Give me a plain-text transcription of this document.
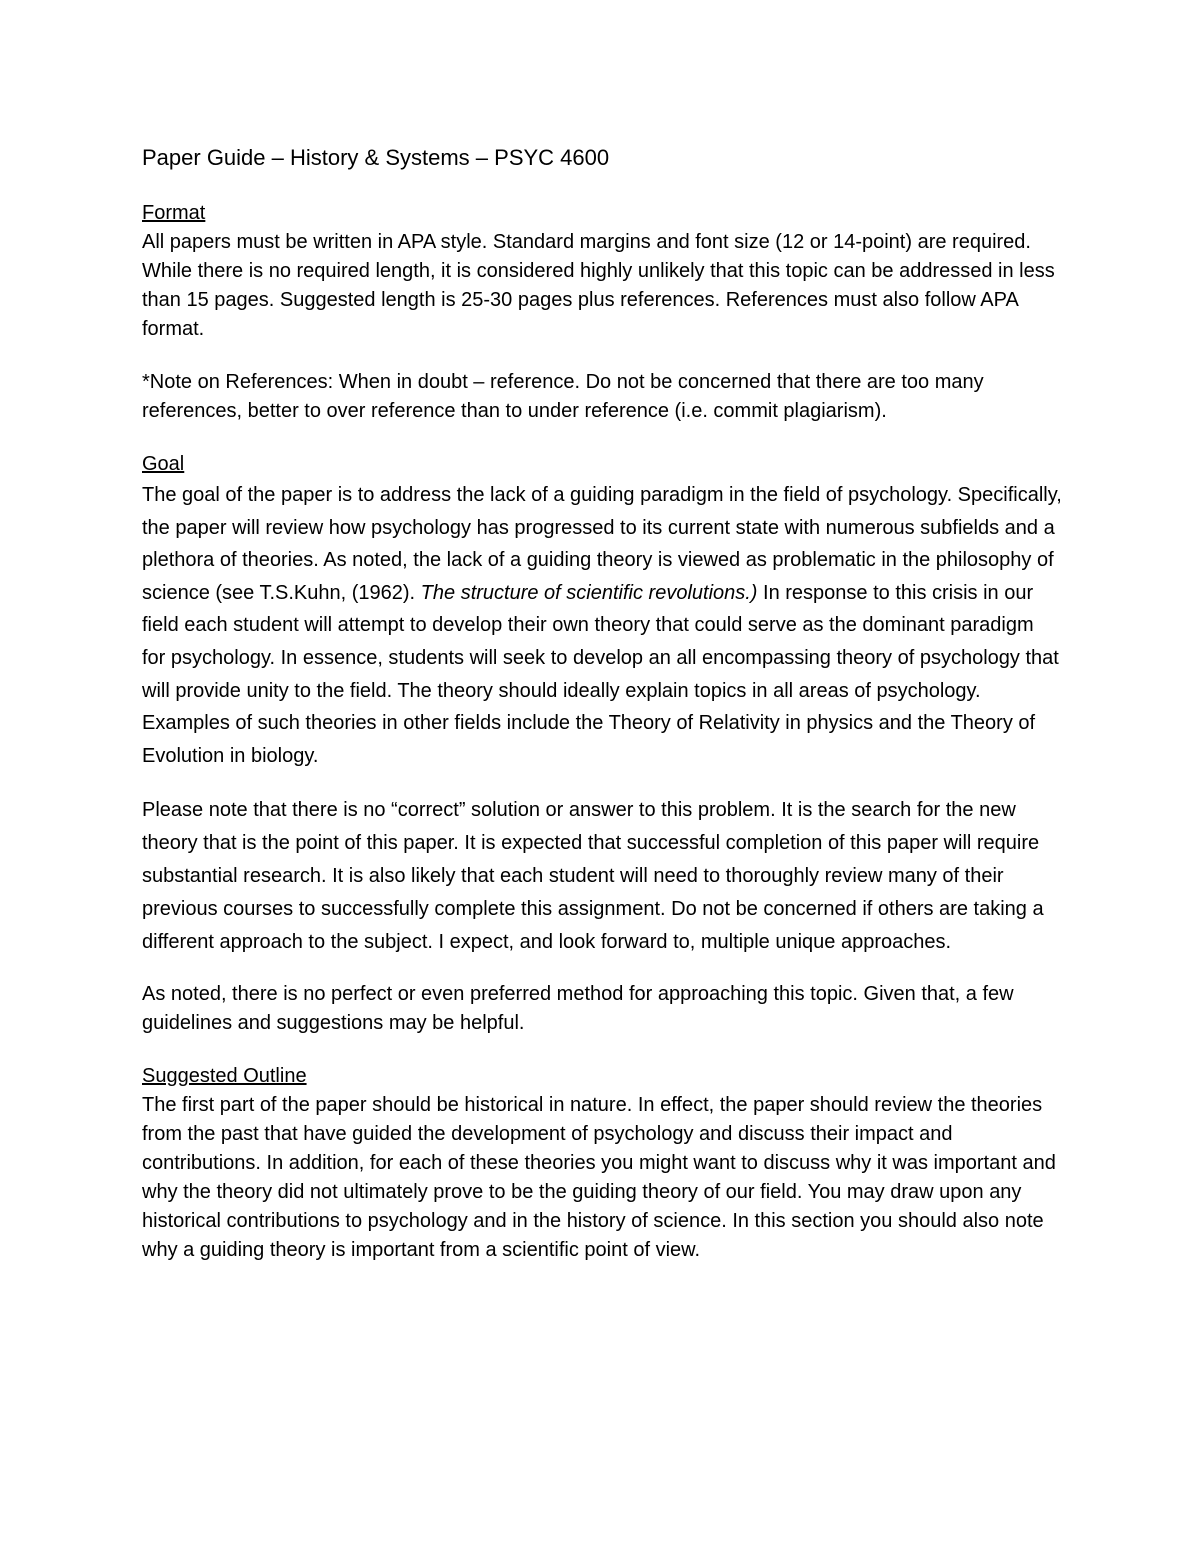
Paper Guide – History & Systems – PSYC 4600
Format

All papers must be written in APA style. Standard margins and font size (12 or 14-point) are required. While there is no required length, it is considered highly unlikely that this topic can be addressed in less than 15 pages. Suggested length is 25-30 pages plus references. References must also follow APA format.

*Note on References: When in doubt – reference. Do not be concerned that there are too many references, better to over reference than to under reference (i.e. commit plagiarism).

Goal

The goal of the paper is to address the lack of a guiding paradigm in the field of psychology. Specifically, the paper will review how psychology has progressed to its current state with numerous subfields and a plethora of theories. As noted, the lack of a guiding theory is viewed as problematic in the philosophy of science (see T.S.Kuhn, (1962). The structure of scientific revolutions.) In response to this crisis in our field each student will attempt to develop their own theory that could serve as the dominant paradigm for psychology. In essence, students will seek to develop an all encompassing theory of psychology that will provide unity to the field. The theory should ideally explain topics in all areas of psychology. Examples of such theories in other fields include the Theory of Relativity in physics and the Theory of Evolution in biology.

Please note that there is no “correct” solution or answer to this problem. It is the search for the new theory that is the point of this paper. It is expected that successful completion of this paper will require substantial research. It is also likely that each student will need to thoroughly review many of their previous courses to successfully complete this assignment. Do not be concerned if others are taking a different approach to the subject. I expect, and look forward to, multiple unique approaches.

As noted, there is no perfect or even preferred method for approaching this topic. Given that, a few guidelines and suggestions may be helpful.

Suggested Outline

The first part of the paper should be historical in nature. In effect, the paper should review the theories from the past that have guided the development of psychology and discuss their impact and contributions. In addition, for each of these theories you might want to discuss why it was important and why the theory did not ultimately prove to be the guiding theory of our field. You may draw upon any historical contributions to psychology and in the history of science. In this section you should also note why a guiding theory is important from a scientific point of view.
